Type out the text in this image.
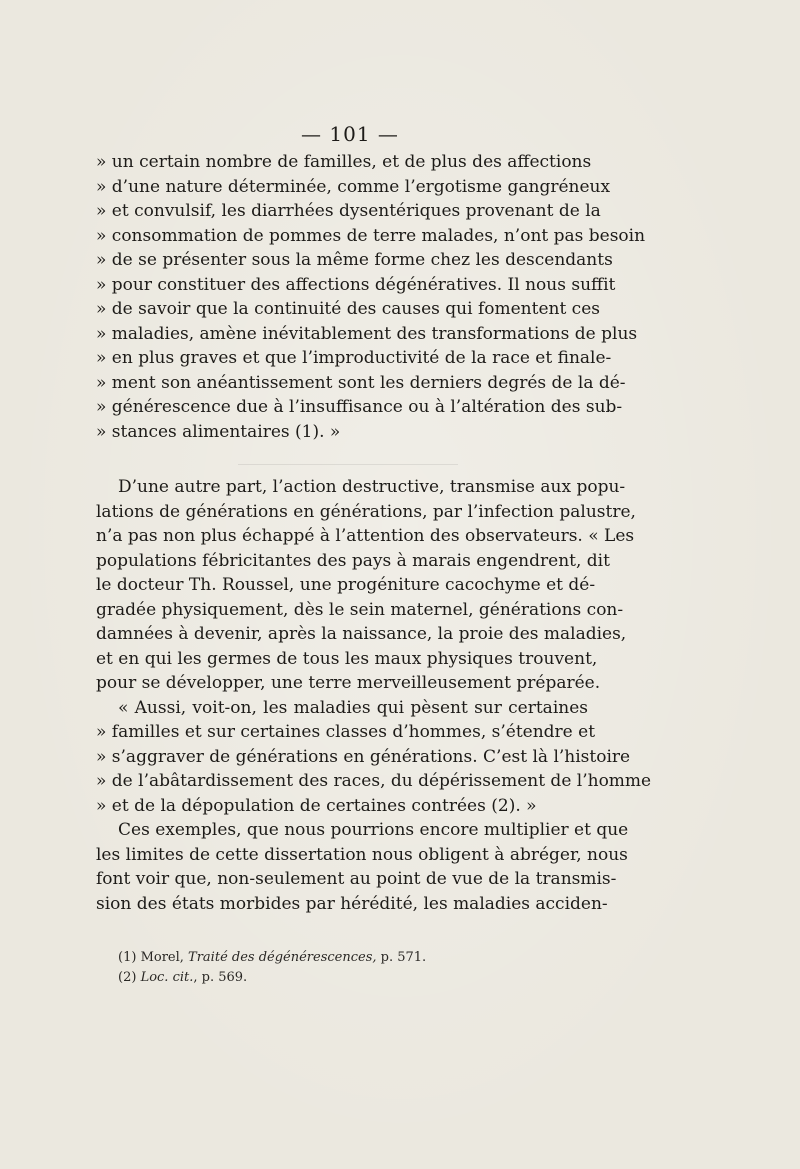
— 101 —
» un certain nombre de familles, et de plus des affections
» d’une nature déterminée, comme l’ergotisme gangréneux
» et convulsif, les diarrhées dysentériques provenant de la
» consommation de pommes de terre malades, n’ont pas besoin
» de se présenter sous la même forme chez les descendants
» pour constituer des affections dégénératives. Il nous suffit
» de savoir que la continuité des causes qui fomentent ces
» maladies, amène inévitablement des transformations de plus
» en plus graves et que l’improductivité de la race et finale-
» ment son anéantissement sont les derniers degrés de la dé-
» générescence due à l’insuffisance ou à l’altération des sub-
» stances alimentaires (1). »
D’une autre part, l’action destructive, transmise aux popu-
lations de générations en générations, par l’infection palustre,
n’a pas non plus échappé à l’attention des observateurs. « Les
populations fébricitantes des pays à marais engendrent, dit
le docteur Th. Roussel, une progéniture cacochyme et dé-
gradée physiquement, dès le sein maternel, générations con-
damnées à devenir, après la naissance, la proie des maladies,
et en qui les germes de tous les maux physiques trouvent,
pour se développer, une terre merveilleusement préparée.
« Aussi, voit-on, les maladies qui pèsent sur certaines
» familles et sur certaines classes d’hommes, s’étendre et
» s’aggraver de générations en générations. C’est là l’histoire
» de l’abâtardissement des races, du dépérissement de l’homme
» et de la dépopulation de certaines contrées (2). »
Ces exemples, que nous pourrions encore multiplier et que
les limites de cette dissertation nous obligent à abréger, nous
font voir que, non-seulement au point de vue de la transmis-
sion des états morbides par hérédité, les maladies acciden-
(1) Morel, Traité des dégénérescences, p. 571.
(2) Loc. cit., p. 569.
